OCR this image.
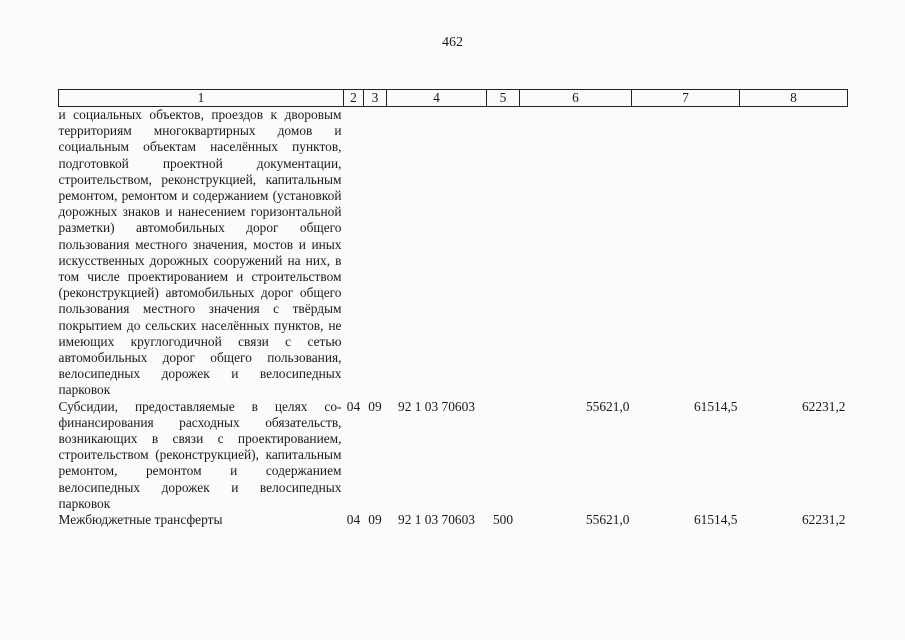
462
1	2	3	4	5	6	7	8
и социальных объектов, проездов к дворовым территориям многоквартирных домов и социальным объектам населённых пунктов, подготовкой проектной документации, строительством, реконструкцией, капитальным ремонтом, ремонтом и содержанием (установкой дорожных знаков и нанесением горизонтальной разметки) автомобильных дорог общего пользования местного значения, мостов и иных искусственных дорожных сооружений на них, в том числе проектированием и строительством (реконструкцией) автомобильных дорог общего пользования местного значения с твёрдым покрытием до сельских населённых пунктов, не имеющих круглогодичной связи с сетью автомобильных дорог общего пользования, велосипедных дорожек и велосипедных парковок							
Субсидии, предоставляемые в целях софинансирования расходных обязательств, возникающих в связи с проектированием, строительством (реконструкцией), капитальным ремонтом, ремонтом и содержанием велосипедных дорожек и велосипедных парковок	04	09	92 1 03 70603		55621,0	61514,5	62231,2
Межбюджетные трансферты	04	09	92 1 03 70603	500	55621,0	61514,5	62231,2
